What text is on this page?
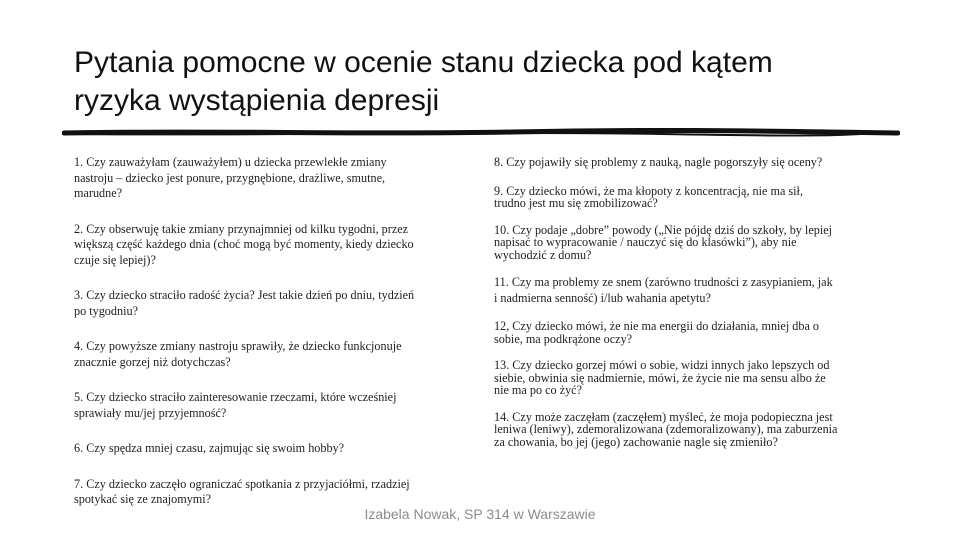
Pytania pomocne w ocenie stanu dziecka pod kątem
ryzyka wystąpienia depresji
1. Czy zauważyłam (zauważyłem) u dziecka przewlekłe zmiany
nastroju – dziecko jest ponure, przygnębione, drażliwe, smutne,
marudne?
2. Czy obserwuję takie zmiany przynajmniej od kilku tygodni, przez
większą część każdego dnia (choć mogą być momenty, kiedy dziecko
czuje się lepiej)?
3. Czy dziecko straciło radość życia? Jest takie dzień po dniu, tydzień
po tygodniu?
4. Czy powyższe zmiany nastroju sprawiły, że dziecko funkcjonuje
znacznie gorzej niż dotychczas?
5. Czy dziecko straciło zainteresowanie rzeczami, które wcześniej
sprawiały mu/jej przyjemność?
6. Czy spędza mniej czasu, zajmując się swoim hobby?
7. Czy dziecko zaczęło ograniczać spotkania z przyjaciółmi, rzadziej
spotykać się ze znajomymi?
8. Czy pojawiły się problemy z nauką, nagle pogorszyły się oceny?
9. Czy dziecko mówi, że ma kłopoty z koncentracją, nie ma sił,
trudno jest mu się zmobilizować?
10. Czy podaje „dobre” powody („Nie pójdę dziś do szkoły, by lepiej
napisać to wypracowanie / nauczyć się do klasówki”), aby nie
wychodzić z domu?
11. Czy ma problemy ze snem (zarówno trudności z zasypianiem, jak
i nadmierna senność) i/lub wahania apetytu?
12, Czy dziecko mówi, że nie ma energii do działania, mniej dba o
sobie, ma podkrążone oczy?
13. Czy dziecko gorzej mówi o sobie, widzi innych jako lepszych od
siebie, obwinia się nadmiernie, mówi, że życie nie ma sensu albo że
nie ma po co żyć?
14. Czy może zaczęłam (zaczęłem) myśleć, że moja podopieczna jest
leniwa (leniwy), zdemoralizowana (zdemoralizowany), ma zaburzenia
za chowania, bo jej (jego) zachowanie nagle się zmieniło?
Izabela Nowak, SP 314 w Warszawie
